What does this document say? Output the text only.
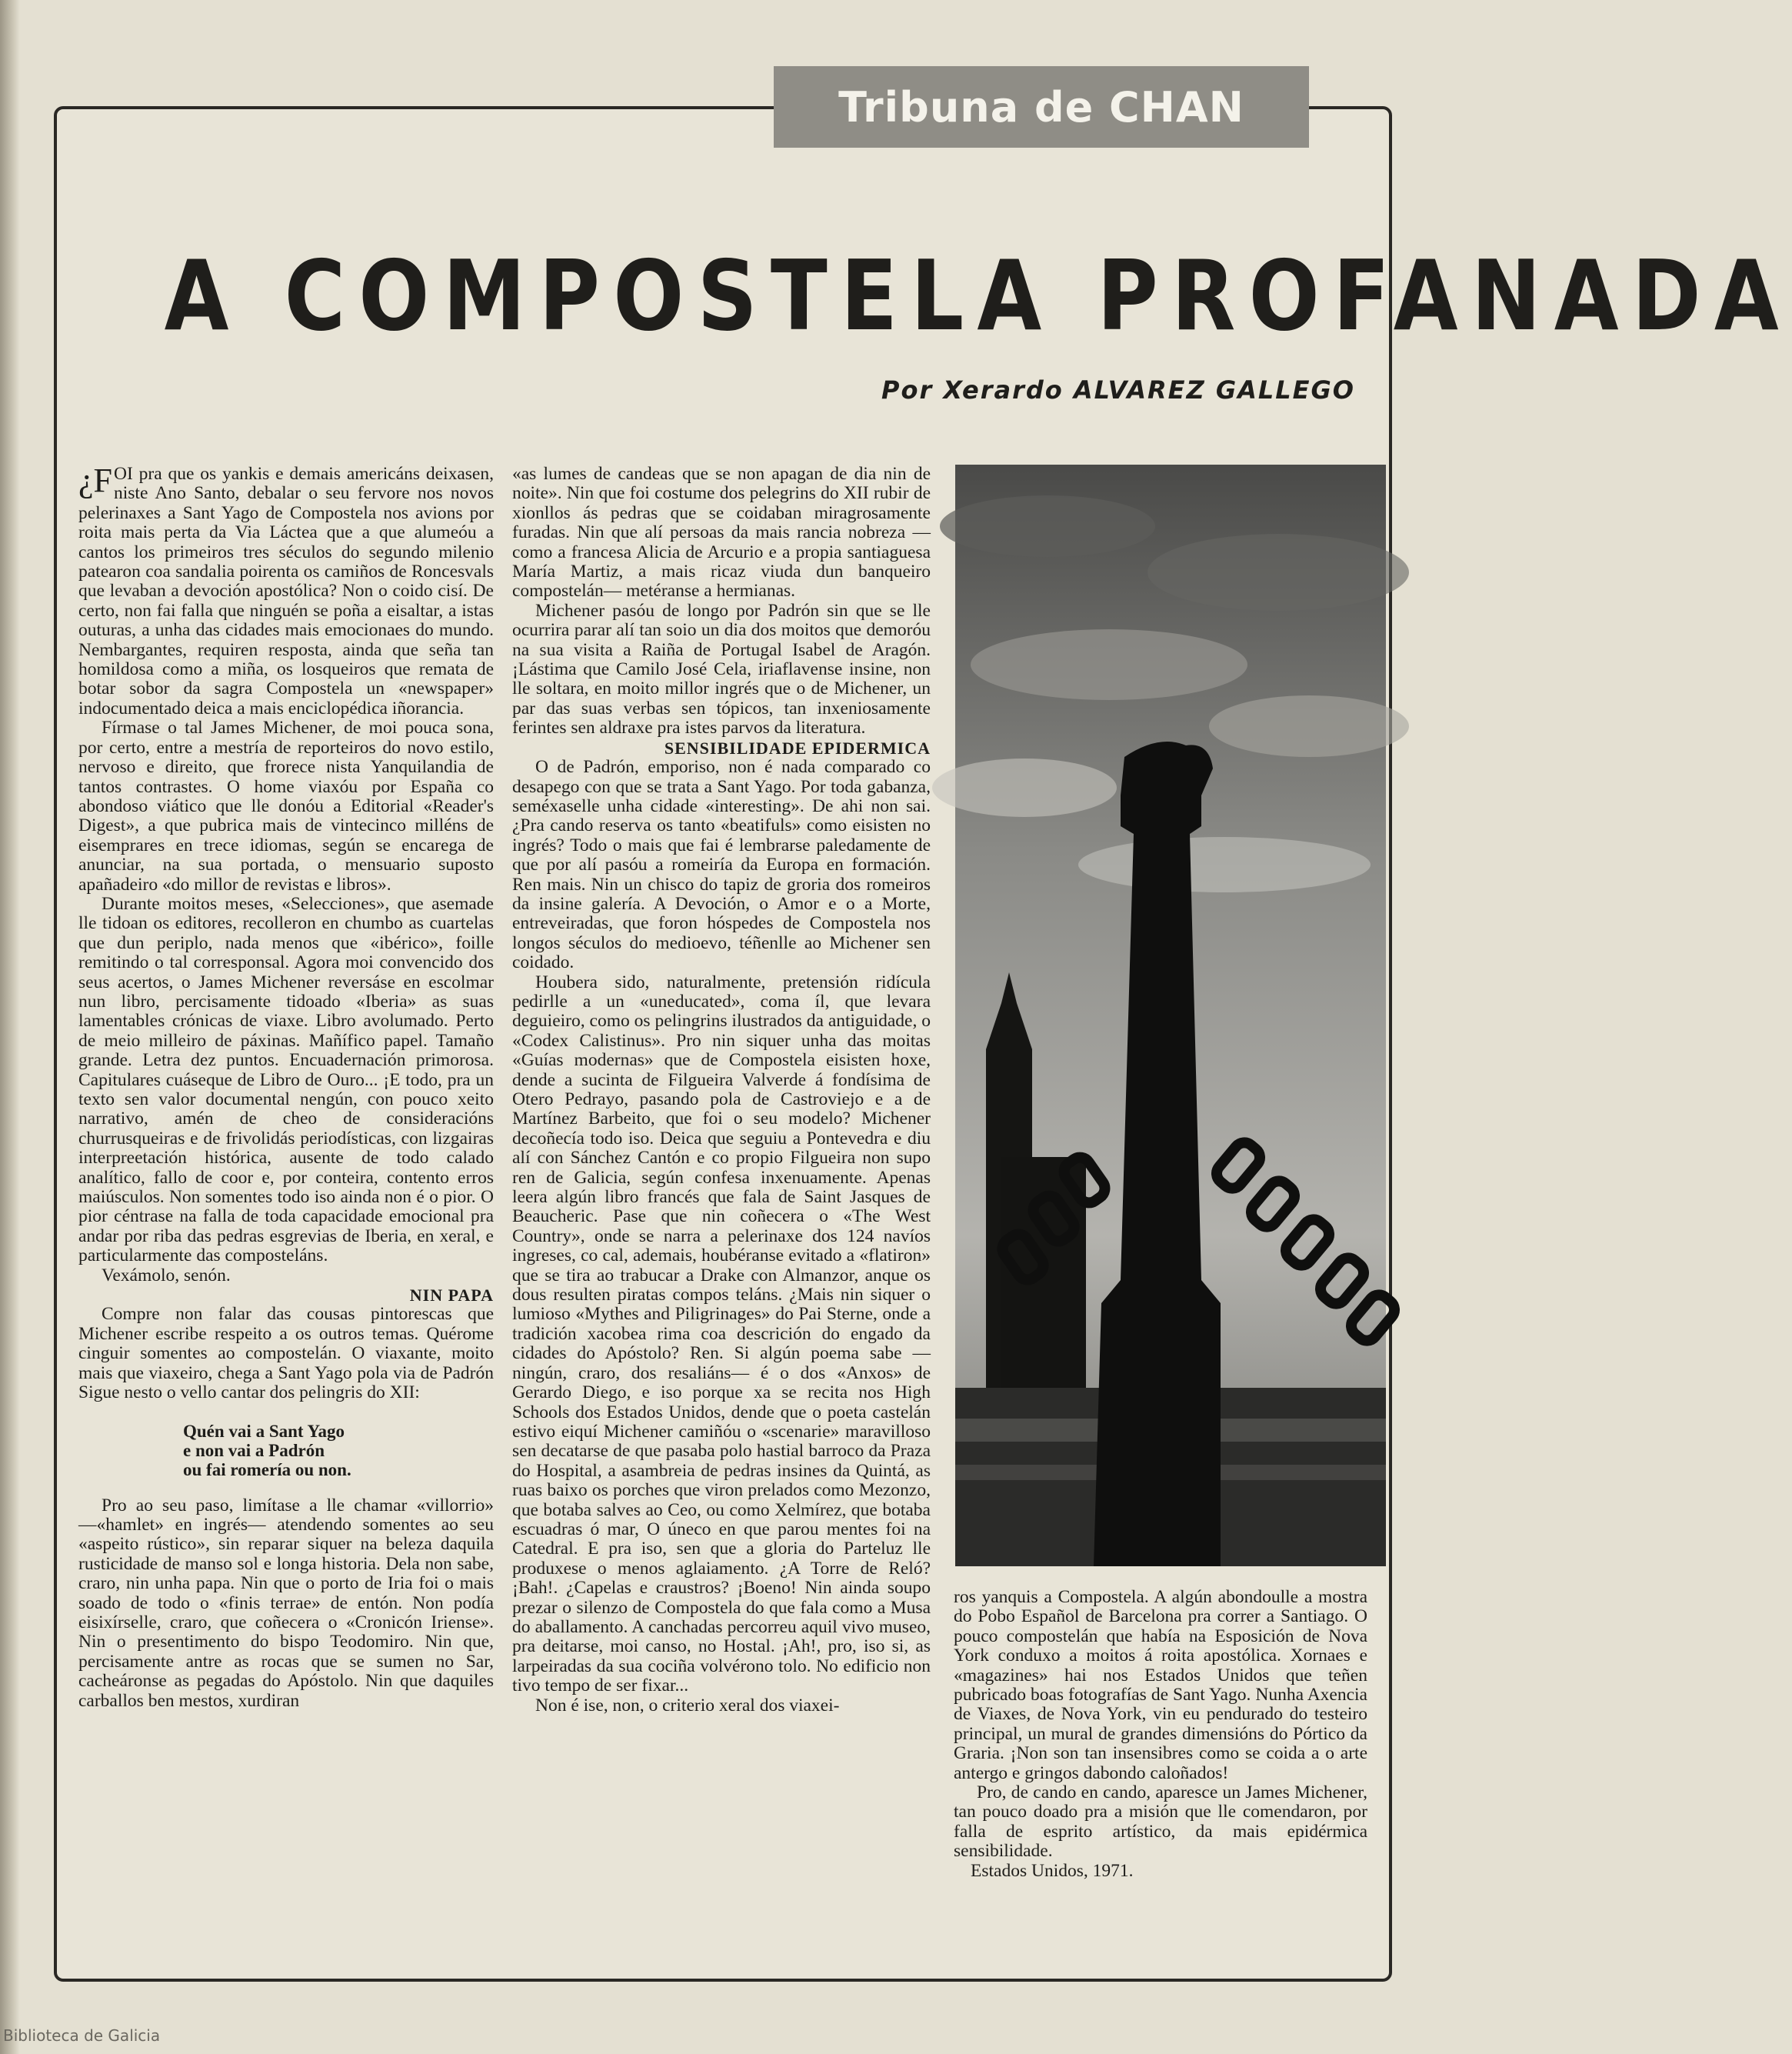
Tribuna de CHAN
A COMPOSTELA PROFANADA
Por Xerardo ALVAREZ GALLEGO

¿F OI pra que os yankis e demais americáns deixasen, niste Ano Santo, debalar o seu fervore nos novos pelerinaxes a Sant Yago de Compostela nos avions por roita mais perta da Via Láctea que a que alumeóu a cantos los primeiros tres séculos do segundo milenio patearon coa sandalia poirenta os camiños de Roncesvals que levaban a devoción apostólica? Non o coido cisí. De certo, non fai falla que ninguén se poña a eisaltar, a istas outuras, a unha das cidades mais emocionaes do mundo. Nembargantes, requiren resposta, ainda que seña tan homildosa como a miña, os losqueiros que remata de botar sobor da sagra Compostela un «newspaper» indocumentado deica a mais enciclopédica iñorancia.

Fírmase o tal James Michener, de moi pouca sona, por certo, entre a mestría de reporteiros do novo estilo, nervoso e direito, que frorece nista Yanquilandia de tantos contrastes. O home viaxóu por España co abondoso viático que lle donóu a Editorial «Reader's Digest», a que pubrica mais de vintecinco milléns de eisemprares en trece idiomas, según se encarega de anunciar, na sua portada, o mensuario suposto apañadeiro «do millor de revistas e libros».

Durante moitos meses, «Selecciones», que asemade lle tidoan os editores, recolleron en chumbo as cuartelas que dun periplo, nada menos que «ibérico», foille remitindo o tal corresponsal. Agora moi convencido dos seus acertos, o James Michener reversáse en escolmar nun libro, percisamente tidoado «Iberia» as suas lamentables crónicas de viaxe. Libro avolumado. Perto de meio milleiro de páxinas. Mañífico papel. Tamaño grande. Letra dez puntos. Encuadernación primorosa. Capitulares cuáseque de Libro de Ouro... ¡E todo, pra un texto sen valor documental nengún, con pouco xeito narrativo, amén de cheo de consideracións churrusqueiras e de frivolidás periodísticas, con lizgairas interpreetación histórica, ausente de todo calado analítico, fallo de coor e, por conteira, contento erros maiúsculos. Non somentes todo iso ainda non é o pior. O pior céntrase na falla de toda capacidade emocional pra andar por riba das pedras esgrevias de Iberia, en xeral, e particularmente das composteláns.

Vexámolo, senón.

NIN PAPA

Compre non falar das cousas pintorescas que Michener escribe respeito a os outros temas. Quérome cinguir somentes ao compostelán. O viaxante, moito mais que viaxeiro, chega a Sant Yago pola via de Padrón Sigue nesto o vello cantar dos pelingris do XII:

Quén vai a Sant Yago
e non vai a Padrón
ou fai romería ou non.

Pro ao seu paso, limítase a lle chamar «villorrio» —«hamlet» en ingrés— atendendo somentes ao seu «aspeito rústico», sin reparar siquer na beleza daquila rusticidade de manso sol e longa historia. Dela non sabe, craro, nin unha papa. Nin que o porto de Iria foi o mais soado de todo o «finis terrae» de entón. Non podía eisixírselle, craro, que coñecera o «Cronicón Iriense». Nin o presentimento do bispo Teodomiro. Nin que, percisamente antre as rocas que se sumen no Sar, cacheáronse as pegadas do Apóstolo. Nin que daquiles carballos ben mestos, xurdiran

«as lumes de candeas que se non apagan de dia nin de noite». Nin que foi costume dos pelegrins do XII rubir de xionllos ás pedras que se coidaban miragrosamente furadas. Nin que alí persoas da mais rancia nobreza —como a francesa Alicia de Arcurio e a propia santiaguesa María Martiz, a mais ricaz viuda dun banqueiro compostelán— metéranse a hermianas.

Michener pasóu de longo por Padrón sin que se lle ocurrira parar alí tan soio un dia dos moitos que demoróu na sua visita a Raiña de Portugal Isabel de Aragón. ¡Lástima que Camilo José Cela, iriaflavense insine, non lle soltara, en moito millor ingrés que o de Michener, un par das suas verbas sen tópicos, tan inxeniosamente ferintes sen aldraxe pra istes parvos da literatura.

SENSIBILIDADE EPIDERMICA

O de Padrón, emporiso, non é nada comparado co desapego con que se trata a Sant Yago. Por toda gabanza, seméxaselle unha cidade «interesting». De ahi non sai. ¿Pra cando reserva os tanto «beatifuls» como eisisten no ingrés? Todo o mais que fai é lembrarse paledamente de que por alí pasóu a romeiría da Europa en formación. Ren mais. Nin un chisco do tapiz de groria dos romeiros da insine galería. A Devoción, o Amor e o a Morte, entreveiradas, que foron hóspedes de Compostela nos longos séculos do medioevo, téñenlle ao Michener sen coidado.

Houbera sido, naturalmente, pretensión ridícula pedirlle a un «uneducated», coma íl, que levara deguieiro, como os pelingrins ilustrados da antiguidade, o «Codex Calistinus». Pro nin siquer unha das moitas «Guías modernas» que de Compostela eisisten hoxe, dende a sucinta de Filgueira Valverde á fondísima de Otero Pedrayo, pasando pola de Castroviejo e a de Martínez Barbeito, que foi o seu modelo? Michener decoñecía todo iso. Deica que seguiu a Pontevedra e diu alí con Sánchez Cantón e co propio Filgueira non supo ren de Galicia, según confesa inxenuamente. Apenas leera algún libro francés que fala de Saint Jasques de Beaucheric. Pase que nin coñecera o «The West Country», onde se narra a pelerinaxe dos 124 navíos ingreses, co cal, ademais, houbéranse evitado a «flatiron» que se tira ao trabucar a Drake con Almanzor, anque os dous resulten piratas compos teláns. ¿Mais nin siquer o lumioso «Mythes and Piligrinages» do Pai Sterne, onde a tradición xacobea rima coa descrición do engado da cidades do Apóstolo? Ren. Si algún poema sabe —ningún, craro, dos resaliáns— é o dos «Anxos» de Gerardo Diego, e iso porque xa se recita nos High Schools dos Estados Unidos, dende que o poeta castelán estivo eiquí Michener camiñóu o «scenarie» maravilloso sen decatarse de que pasaba polo hastial barroco da Praza do Hospital, a asambreia de pedras insines da Quintá, as ruas baixo os porches que viron prelados como Mezonzo, que botaba salves ao Ceo, ou como Xelmírez, que botaba escuadras ó mar, O úneco en que parou mentes foi na Catedral. E pra iso, sen que a gloria do Parteluz lle produxese o menos aglaiamento. ¿A Torre de Reló? ¡Bah!. ¿Capelas e craustros? ¡Boeno! Nin ainda soupo prezar o silenzo de Compostela do que fala como a Musa do aballamento. A canchadas percorreu aquil vivo museo, pra deitarse, moi canso, no Hostal. ¡Ah!, pro, iso si, as larpeiradas da sua cociña volvérono tolo. No edificio non tivo tempo de ser fixar...

Non é ise, non, o criterio xeral dos viaxei-

ros yanquis a Compostela. A algún abondoulle a mostra do Pobo Español de Barcelona pra correr a Santiago. O pouco compostelán que había na Esposición de Nova York conduxo a moitos á roita apostólica. Xornaes e «magazines» hai nos Estados Unidos que teñen pubricado boas fotografías de Sant Yago. Nunha Axencia de Viaxes, de Nova York, vin eu pendurado do testeiro principal, un mural de grandes dimensións do Pórtico da Graria. ¡Non son tan insensibres como se coida a o arte antergo e gringos dabondo caloñados!

Pro, de cando en cando, aparesce un James Michener, tan pouco doado pra a misión que lle comendaron, por falla de esprito artístico, da mais epidérmica sensibilidade.

Estados Unidos, 1971.

Biblioteca de Galicia
